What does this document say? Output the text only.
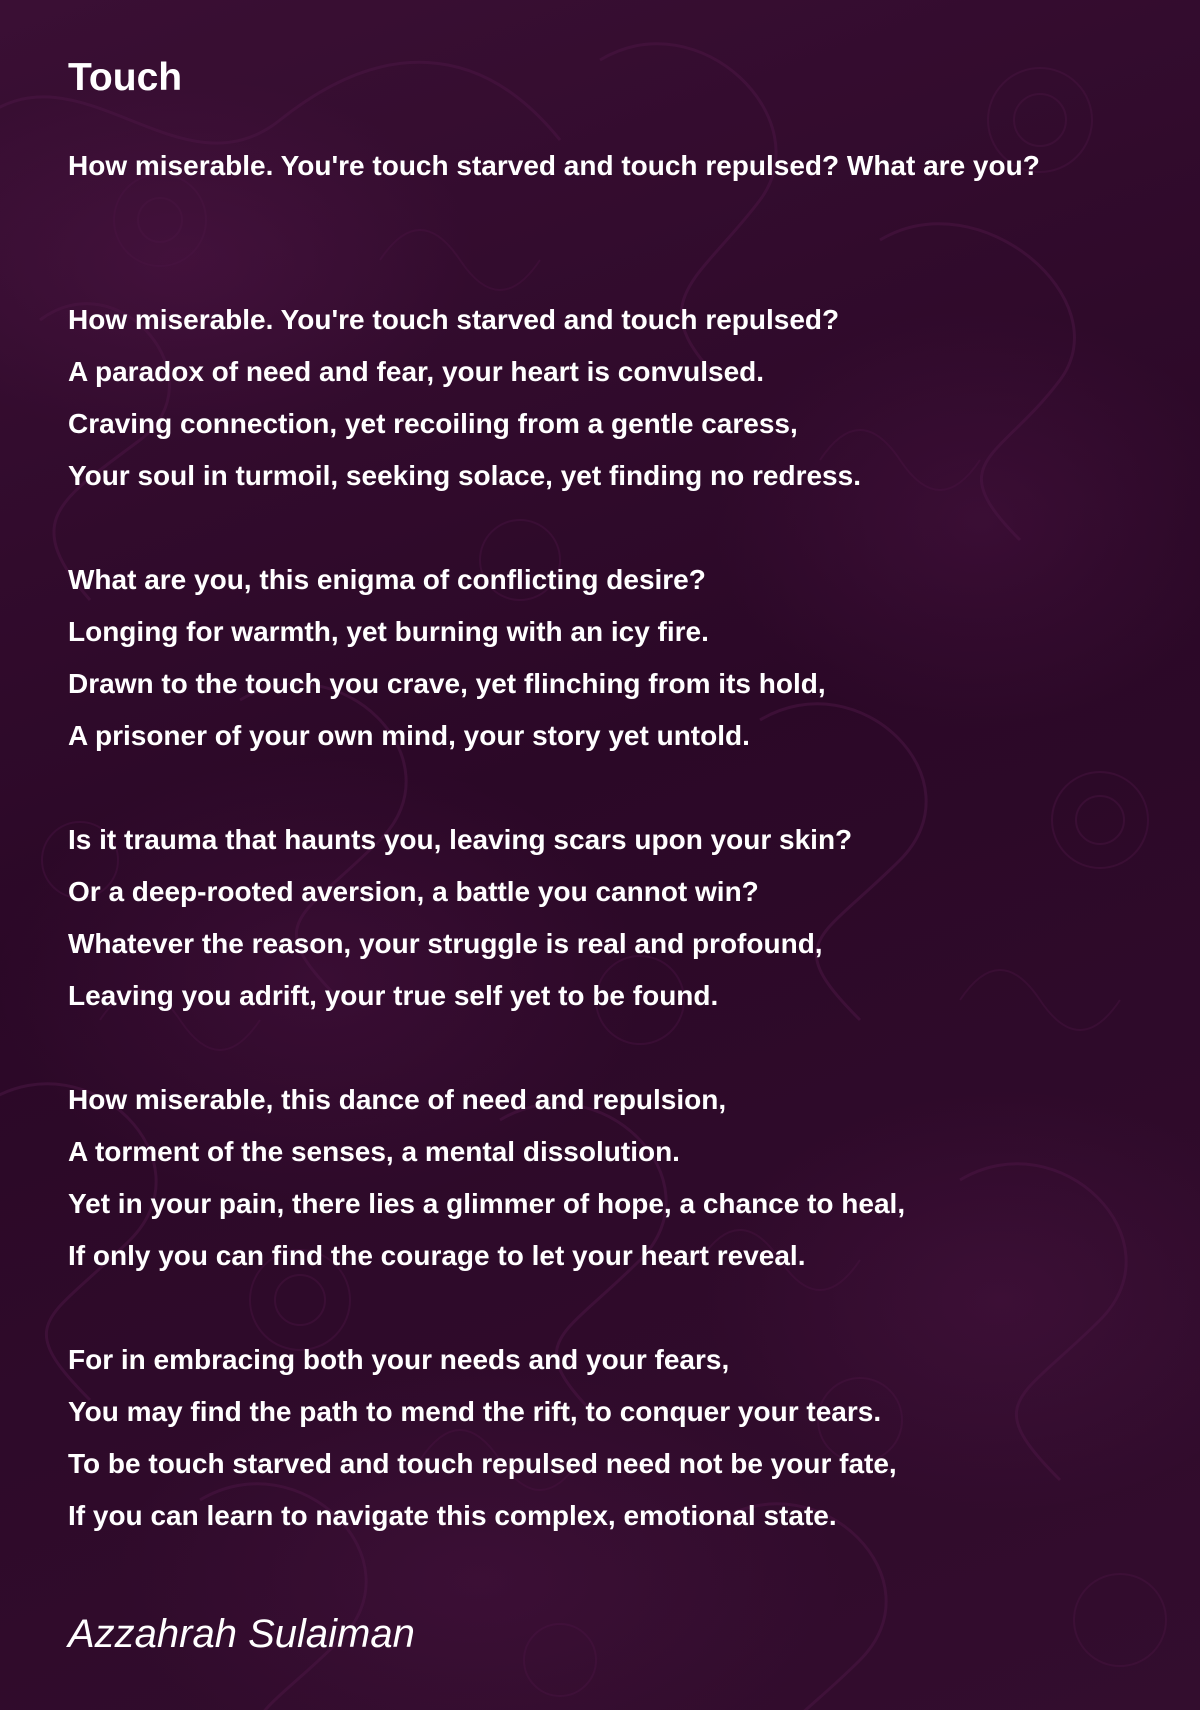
Touch
How miserable. You're touch starved and touch repulsed? What are you?
How miserable. You're touch starved and touch repulsed?
A paradox of need and fear, your heart is convulsed.
Craving connection, yet recoiling from a gentle caress,
Your soul in turmoil, seeking solace, yet finding no redress.
What are you, this enigma of conflicting desire?
Longing for warmth, yet burning with an icy fire.
Drawn to the touch you crave, yet flinching from its hold,
A prisoner of your own mind, your story yet untold.
Is it trauma that haunts you, leaving scars upon your skin?
Or a deep-rooted aversion, a battle you cannot win?
Whatever the reason, your struggle is real and profound,
Leaving you adrift, your true self yet to be found.
How miserable, this dance of need and repulsion,
A torment of the senses, a mental dissolution.
Yet in your pain, there lies a glimmer of hope, a chance to heal,
If only you can find the courage to let your heart reveal.
For in embracing both your needs and your fears,
You may find the path to mend the rift, to conquer your tears.
To be touch starved and touch repulsed need not be your fate,
If you can learn to navigate this complex, emotional state.
Azzahrah Sulaiman
